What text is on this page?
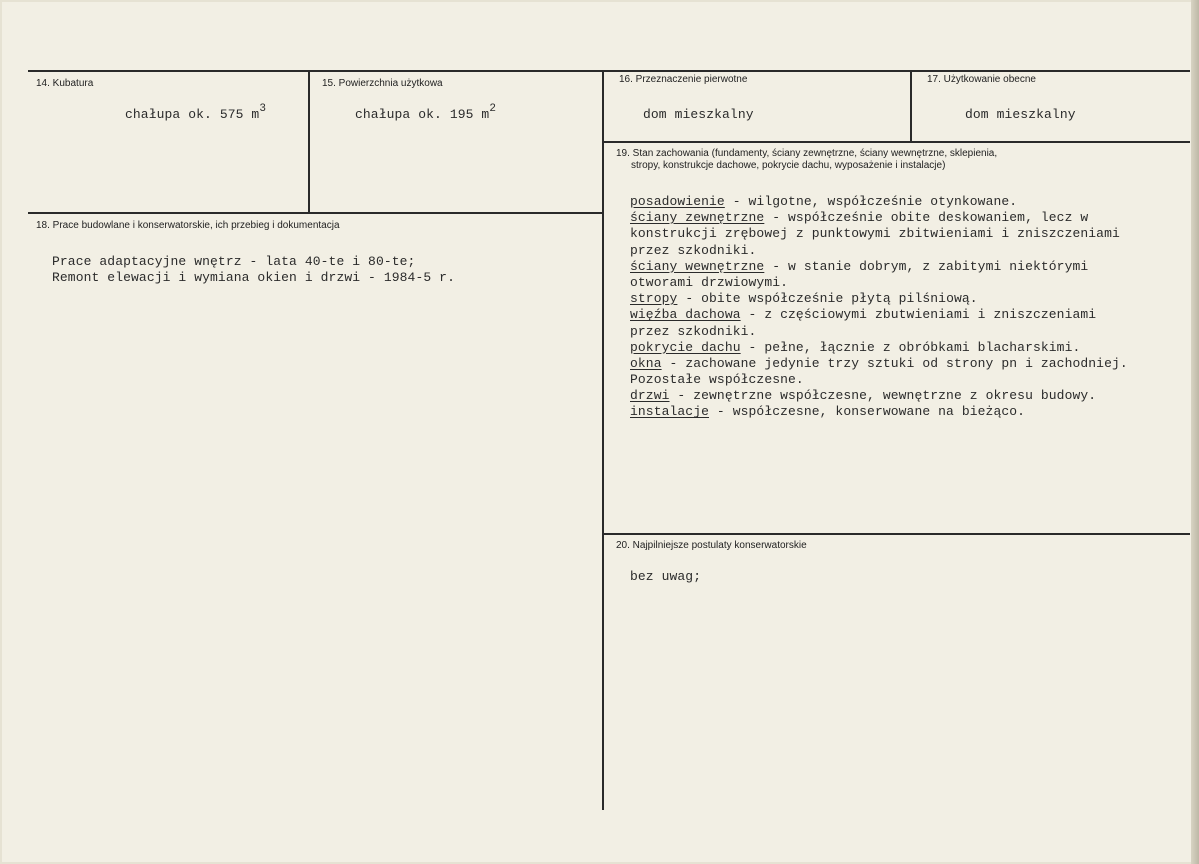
14. Kubatura
chałupa ok. 575 $m^3$
15. Powierzchnia użytkowa
chałupa ok. 195 $m^2$
16. Przeznaczenie pierwotne
dom mieszkalny
17. Użytkowanie obecne
dom mieszkalny
18. Prace budowlane i konserwatorskie, ich przebieg i dokumentacja
Prace adaptacyjne wnętrz - lata 40-te i 80-te;
Remont elewacji i wymiana okien i drzwi - 1984-5 r.
19. Stan zachowania (fundamenty, ściany zewnętrzne, ściany wewnętrzne, sklepienia,
stropy, konstrukcje dachowe, pokrycie dachu, wyposażenie i instalacje)
posadowienie - wilgotne, współcześnie otynkowane.
ściany zewnętrzne - współcześnie obite deskowaniem, lecz w
konstrukcji zrębowej z punktowymi zbitwieniami i zniszczeniami
przez szkodniki.
ściany wewnętrzne - w stanie dobrym, z zabitymi niektórymi
otworami drzwiowymi.
stropy - obite współcześnie płytą pilśniową.
więźba dachowa - z częściowymi zbutwieniami i zniszczeniami
przez szkodniki.
pokrycie dachu - pełne, łącznie z obróbkami blacharskimi.
okna - zachowane jedynie trzy sztuki od strony pn i zachodniej.
Pozostałe współczesne.
drzwi - zewnętrzne współczesne, wewnętrzne z okresu budowy.
instalacje - współczesne, konserwowane na bieżąco.
20. Najpilniejsze postulaty konserwatorskie
bez uwag;
